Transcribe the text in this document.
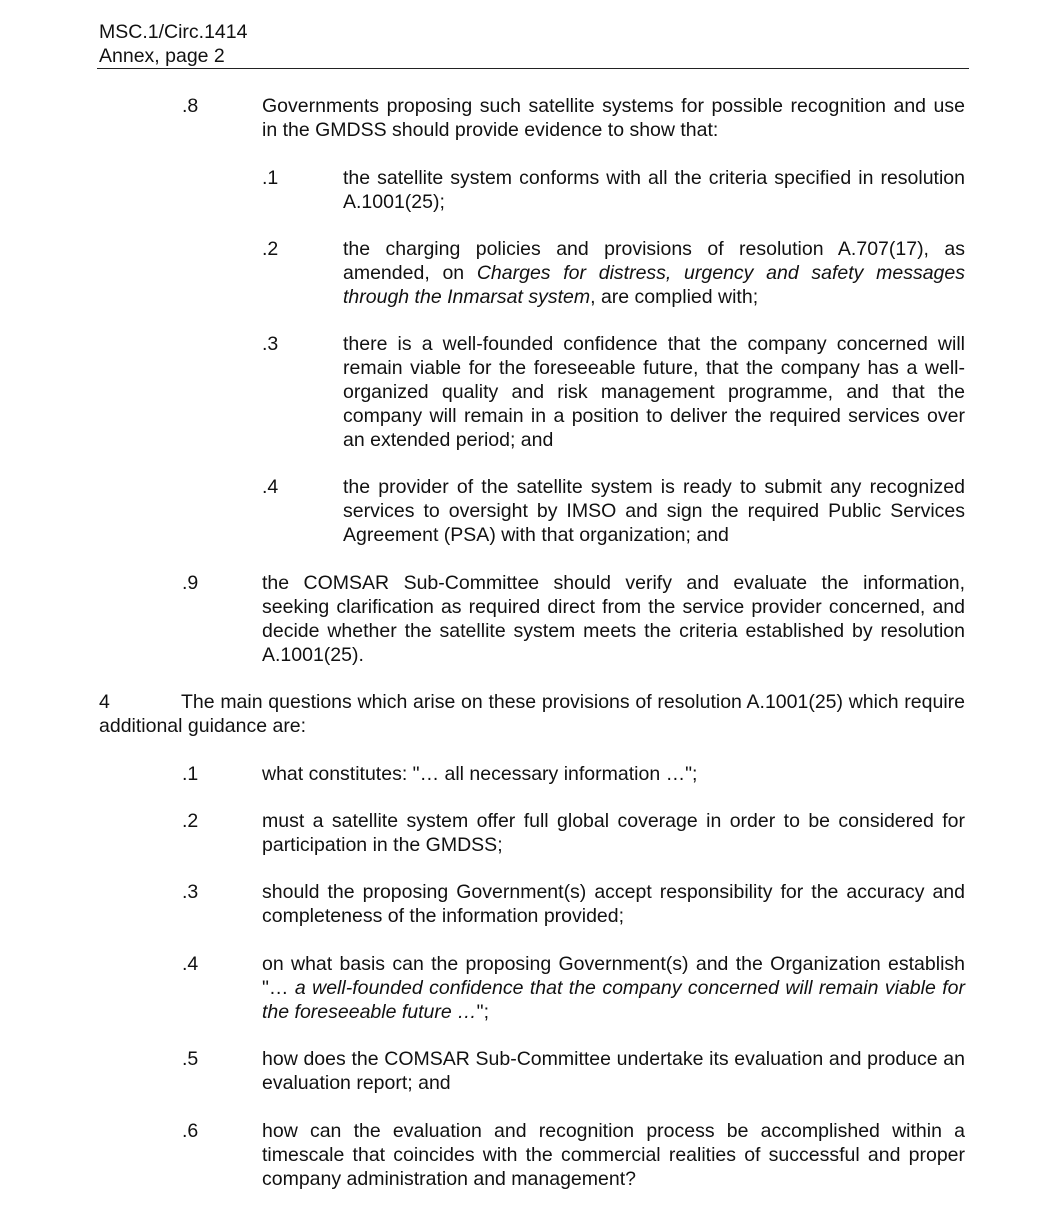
MSC.1/Circ.1414
Annex, page 2
.8	Governments proposing such satellite systems for possible recognition and use in the GMDSS should provide evidence to show that:
.1	the satellite system conforms with all the criteria specified in resolution A.1001(25);
.2	the charging policies and provisions of resolution A.707(17), as amended, on Charges for distress, urgency and safety messages through the Inmarsat system, are complied with;
.3	there is a well-founded confidence that the company concerned will remain viable for the foreseeable future, that the company has a well-organized quality and risk management programme, and that the company will remain in a position to deliver the required services over an extended period; and
.4	the provider of the satellite system is ready to submit any recognized services to oversight by IMSO and sign the required Public Services Agreement (PSA) with that organization; and
.9	the COMSAR Sub-Committee should verify and evaluate the information, seeking clarification as required direct from the service provider concerned, and decide whether the satellite system meets the criteria established by resolution A.1001(25).
4	The main questions which arise on these provisions of resolution A.1001(25) which require additional guidance are:
.1	what constitutes: "… all necessary information …";
.2	must a satellite system offer full global coverage in order to be considered for participation in the GMDSS;
.3	should the proposing Government(s) accept responsibility for the accuracy and completeness of the information provided;
.4	on what basis can the proposing Government(s) and the Organization establish "… a well-founded confidence that the company concerned will remain viable for the foreseeable future …";
.5	how does the COMSAR Sub-Committee undertake its evaluation and produce an evaluation report; and
.6	how can the evaluation and recognition process be accomplished within a timescale that coincides with the commercial realities of successful and proper company administration and management?
